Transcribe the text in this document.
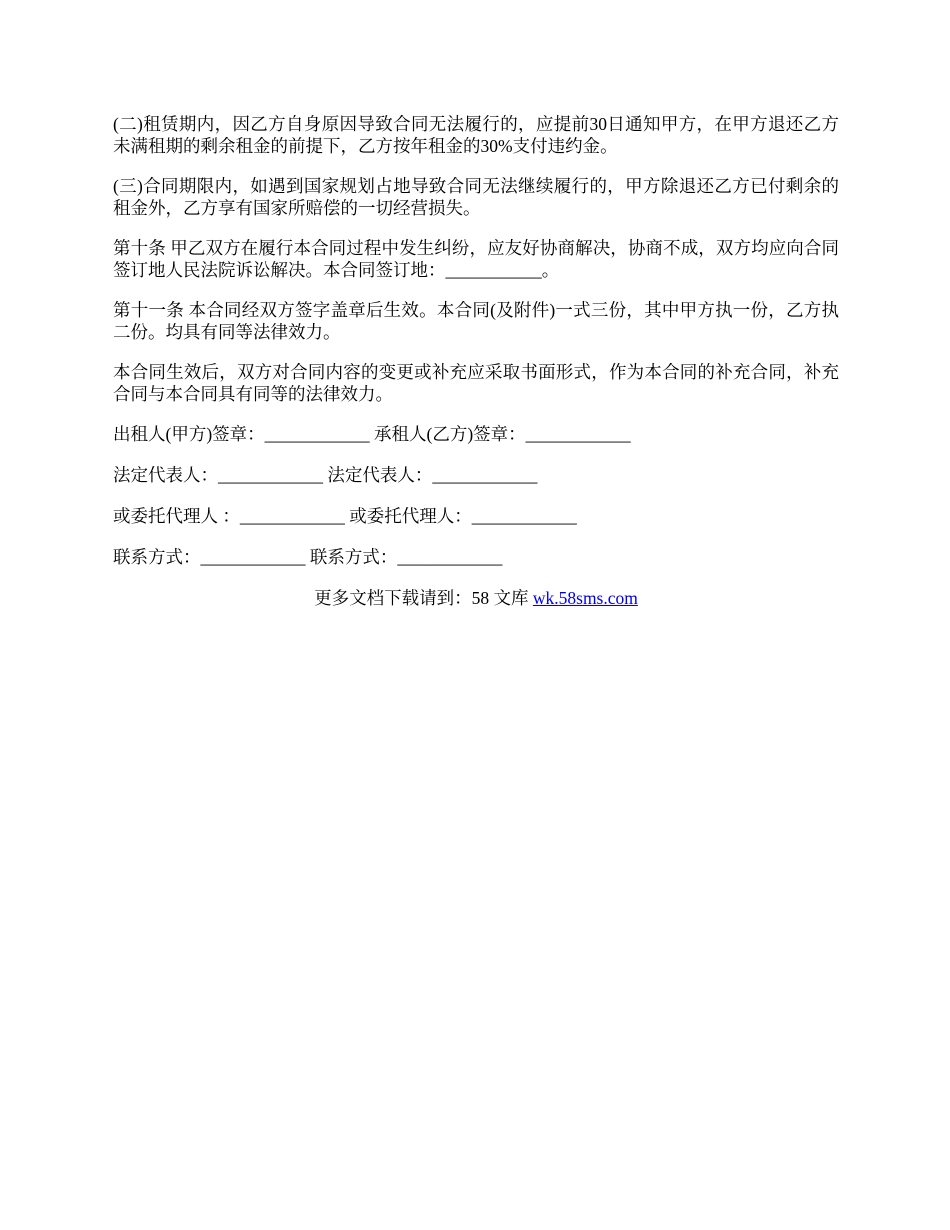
(二)租赁期内，因乙方自身原因导致合同无法履行的，应提前30日通知甲方，在甲方退还乙方未满租期的剩余租金的前提下，乙方按年租金的30%支付违约金。

(三)合同期限内，如遇到国家规划占地导致合同无法继续履行的，甲方除退还乙方已付剩余的租金外，乙方享有国家所赔偿的一切经营损失。

第十条 甲乙双方在履行本合同过程中发生纠纷，应友好协商解决，协商不成，双方均应向合同签订地人民法院诉讼解决。本合同签订地：___________。

第十一条 本合同经双方签字盖章后生效。本合同(及附件)一式三份，其中甲方执一份，乙方执二份。均具有同等法律效力。

本合同生效后，双方对合同内容的变更或补充应采取书面形式，作为本合同的补充合同，补充合同与本合同具有同等的法律效力。

出租人(甲方)签章：____________ 承租人(乙方)签章：____________
法定代表人：____________ 法定代表人：____________
或委托代理人 ：____________ 或委托代理人：____________
联系方式：____________ 联系方式：____________
更多文档下载请到：58 文库 wk.58sms.com
